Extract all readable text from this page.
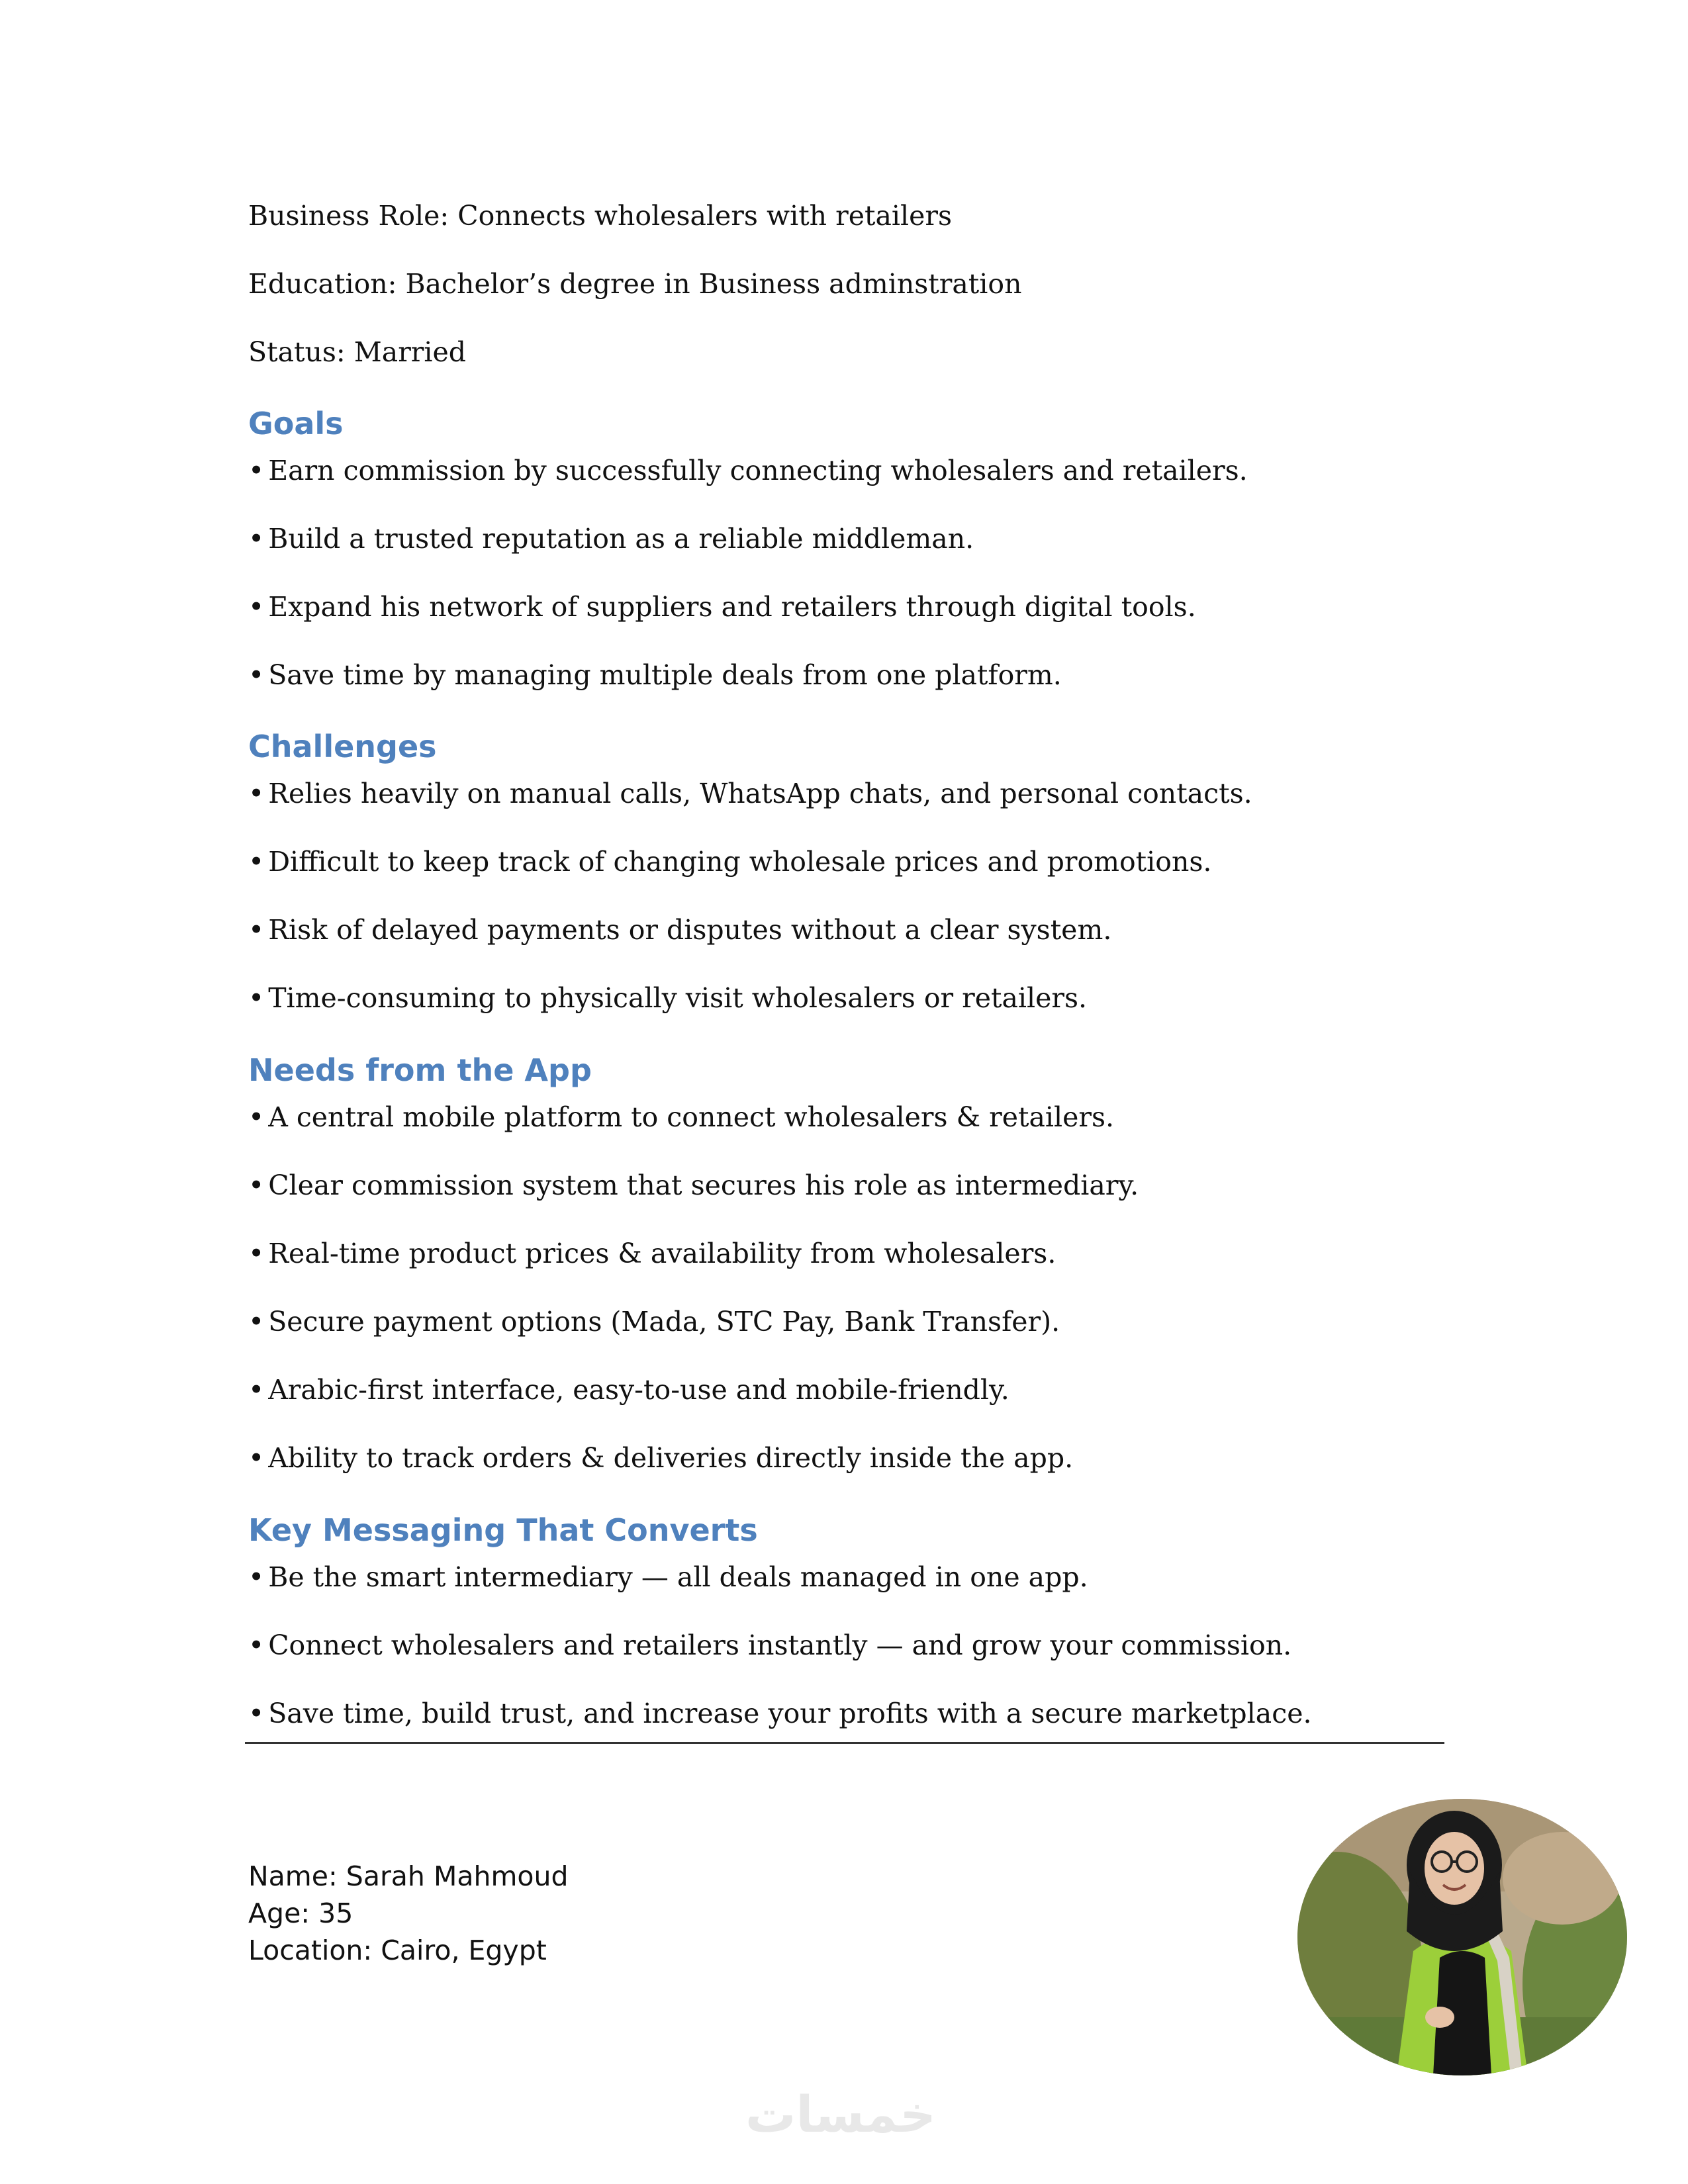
Business Role: Connects wholesalers with retailers

Education: Bachelor’s degree in Business adminstration

Status: Married

Goals

• Earn commission by successfully connecting wholesalers and retailers.

• Build a trusted reputation as a reliable middleman.

• Expand his network of suppliers and retailers through digital tools.

• Save time by managing multiple deals from one platform.

Challenges

• Relies heavily on manual calls, WhatsApp chats, and personal contacts.

• Difficult to keep track of changing wholesale prices and promotions.

• Risk of delayed payments or disputes without a clear system.

• Time-consuming to physically visit wholesalers or retailers.

Needs from the App

• A central mobile platform to connect wholesalers & retailers.

• Clear commission system that secures his role as intermediary.

• Real-time product prices & availability from wholesalers.

• Secure payment options (Mada, STC Pay, Bank Transfer).

• Arabic-first interface, easy-to-use and mobile-friendly.

• Ability to track orders & deliveries directly inside the app.

Key Messaging That Converts

• Be the smart intermediary — all deals managed in one app.

• Connect wholesalers and retailers instantly — and grow your commission.

• Save time, build trust, and increase your profits with a secure marketplace.

Name: Sarah Mahmoud

Age: 35

Location: Cairo, Egypt

خمسات
